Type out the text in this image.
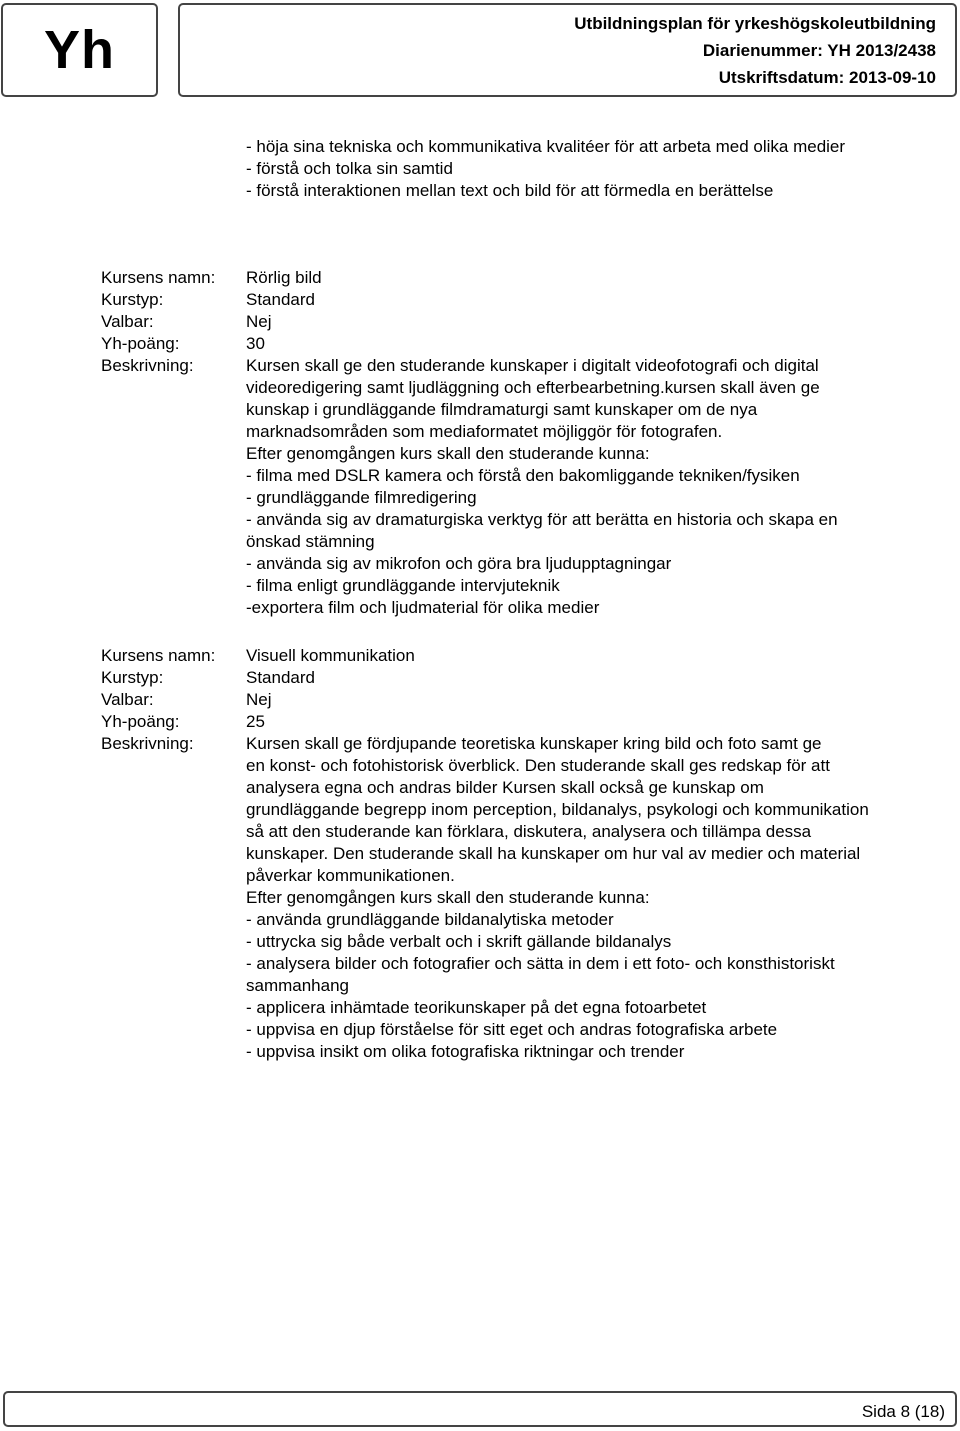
Yh	Utbildningsplan för yrkeshögskoleutbildning
Diarienummer: YH 2013/2438
Utskriftsdatum: 2013-09-10
- höja sina tekniska och kommunikativa kvalitéer för att arbeta med olika medier
- förstå och tolka sin samtid
- förstå interaktionen mellan text och bild för att förmedla en berättelse
Kursens namn:	Rörlig bild
Kurstyp:	Standard
Valbar:	Nej
Yh-poäng:	30
Beskrivning:	Kursen skall ge den studerande kunskaper i digitalt videofotografi och digital
videoredigering samt ljudläggning och efterbearbetning.kursen skall även ge
kunskap i grundläggande filmdramaturgi samt kunskaper om de nya
marknadsområden som mediaformatet möjliggör för fotografen.
Efter genomgången kurs skall den studerande kunna:
- filma med DSLR kamera och förstå den bakomliggande tekniken/fysiken
- grundläggande filmredigering
- använda sig av dramaturgiska verktyg för att berätta en historia och skapa en
önskad stämning
- använda sig av mikrofon och göra bra ljudupptagningar
- filma enligt grundläggande intervjuteknik
-exportera film och ljudmaterial för olika medier
Kursens namn:	Visuell kommunikation
Kurstyp:	Standard
Valbar:	Nej
Yh-poäng:	25
Beskrivning:	Kursen skall ge fördjupande teoretiska kunskaper kring bild och foto samt ge
en konst- och fotohistorisk överblick. Den studerande skall ges redskap för att
analysera egna och andras bilder Kursen skall också ge kunskap om
grundläggande begrepp inom perception, bildanalys, psykologi och kommunikation
så att den studerande kan förklara, diskutera, analysera och tillämpa dessa
kunskaper. Den studerande skall ha kunskaper om hur val av medier och material
påverkar kommunikationen.
Efter genomgången kurs skall den studerande kunna:
- använda grundläggande bildanalytiska metoder
- uttrycka sig både verbalt och i skrift gällande bildanalys
- analysera bilder och fotografier och sätta in dem i ett foto- och konsthistoriskt
sammanhang
- applicera inhämtade teorikunskaper på det egna fotoarbetet
- uppvisa en djup förståelse för sitt eget och andras fotografiska arbete
- uppvisa insikt om olika fotografiska riktningar och trender
Sida 8 (18)
